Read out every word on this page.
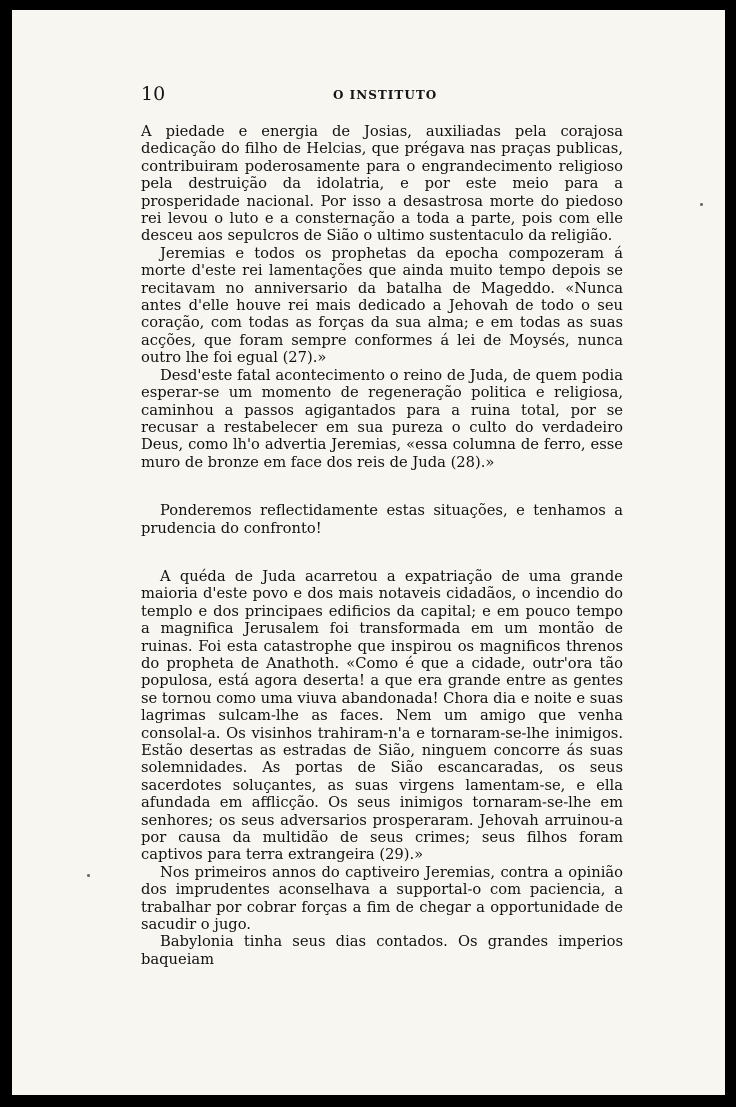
10	O INSTITUTO

A piedade e energia de Josias, auxiliadas pela corajosa dedicação do filho de Helcias, que prégava nas praças publicas, contribuiram poderosamente para o engrandecimento religioso pela destruição da idolatria, e por este meio para a prosperidade nacional. Por isso a desastrosa morte do piedoso rei levou o luto e a consternação a toda a parte, pois com elle desceu aos sepulcros de Sião o ultimo sustentaculo da religião.

Jeremias e todos os prophetas da epocha compozeram á morte d'este rei lamentações que ainda muito tempo depois se recitavam no anniversario da batalha de Mageddo. «Nunca antes d'elle houve rei mais dedicado a Jehovah de todo o seu coração, com todas as forças da sua alma; e em todas as suas acções, que foram sempre conformes á lei de Moysés, nunca outro lhe foi egual (27).»

Desd'este fatal acontecimento o reino de Juda, de quem podia esperar-se um momento de regeneração politica e religiosa, caminhou a passos agigantados para a ruina total, por se recusar a restabelecer em sua pureza o culto do verdadeiro Deus, como lh'o advertia Jeremias, «essa columna de ferro, esse muro de bronze em face dos reis de Juda (28).»

Ponderemos reflectidamente estas situações, e tenhamos a prudencia do confronto!

A quéda de Juda acarretou a expatriação de uma grande maioria d'este povo e dos mais notaveis cidadãos, o incendio do templo e dos principaes edificios da capital; e em pouco tempo a magnifica Jerusalem foi transformada em um montão de ruinas. Foi esta catastrophe que inspirou os magnificos threnos do propheta de Anathoth. «Como é que a cidade, outr'ora tão populosa, está agora deserta! a que era grande entre as gentes se tornou como uma viuva abandonada! Chora dia e noite e suas lagrimas sulcam-lhe as faces. Nem um amigo que venha consolal-a. Os visinhos trahiram-n'a e tornaram-se-lhe inimigos. Estão desertas as estradas de Sião, ninguem concorre ás suas solemnidades. As portas de Sião escancaradas, os seus sacerdotes soluçantes, as suas virgens lamentam-se, e ella afundada em afflicção. Os seus inimigos tornaram-se-lhe em senhores; os seus adversarios prosperaram. Jehovah arruinou-a por causa da multidão de seus crimes; seus filhos foram captivos para terra extrangeira (29).»

Nos primeiros annos do captiveiro Jeremias, contra a opinião dos imprudentes aconselhava a supportal-o com paciencia, a trabalhar por cobrar forças a fim de chegar a opportunidade de sacudir o jugo.

Babylonia tinha seus dias contados. Os grandes imperios baqueiam
